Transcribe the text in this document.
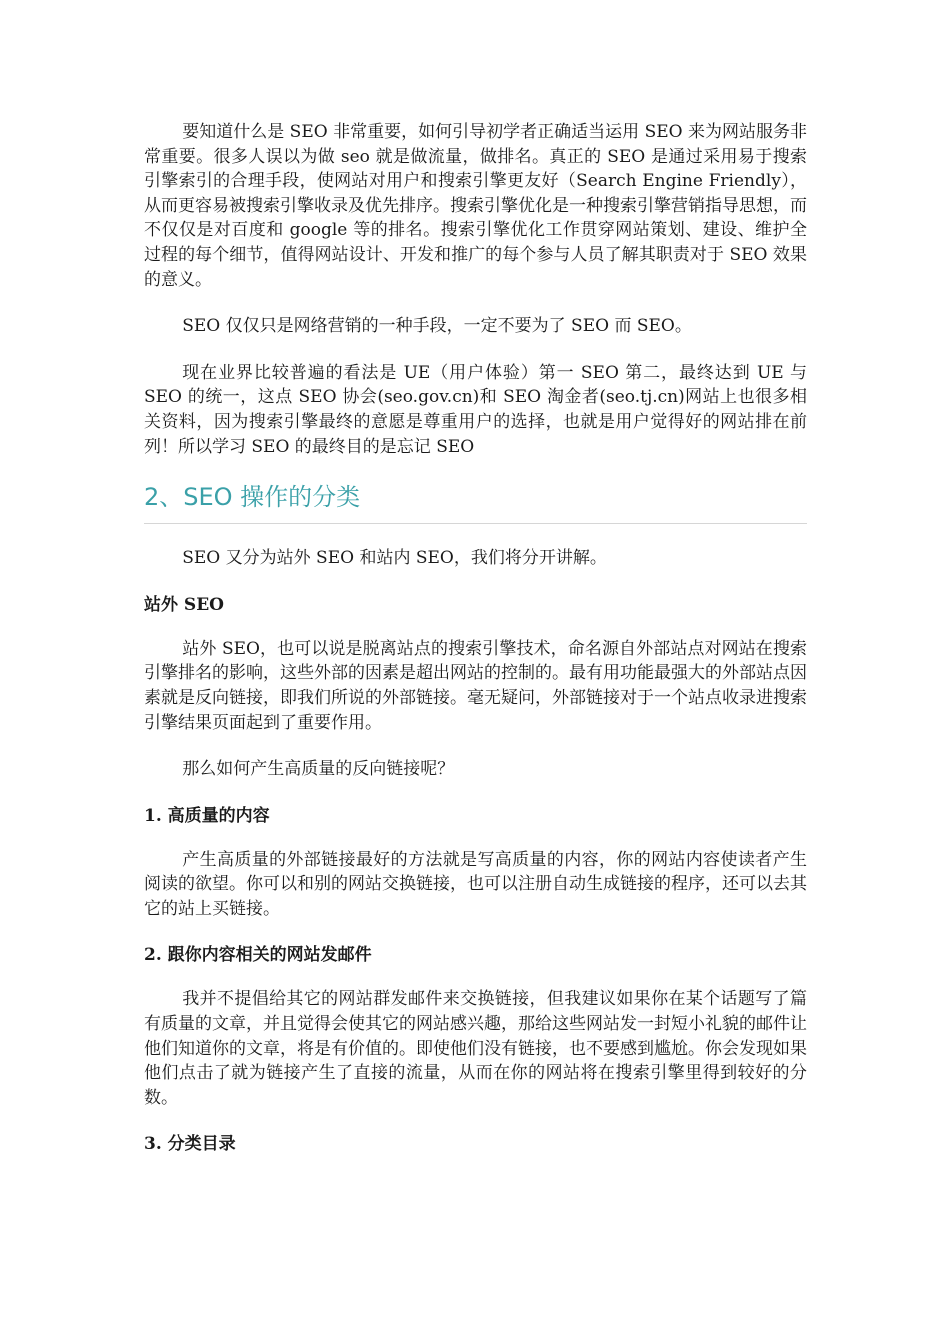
要知道什么是 SEO 非常重要，如何引导初学者正确适当运用 SEO 来为网站服务非常重要。很多人误以为做 seo 就是做流量，做排名。真正的 SEO 是通过采用易于搜索引擎索引的合理手段，使网站对用户和搜索引擎更友好（Search Engine Friendly），从而更容易被搜索引擎收录及优先排序。搜索引擎优化是一种搜索引擎营销指导思想，而不仅仅是对百度和 google 等的排名。搜索引擎优化工作贯穿网站策划、建设、维护全过程的每个细节，值得网站设计、开发和推广的每个参与人员了解其职责对于 SEO 效果的意义。

SEO 仅仅只是网络营销的一种手段，一定不要为了 SEO 而 SEO。

现在业界比较普遍的看法是 UE（用户体验）第一 SEO 第二，最终达到 UE 与 SEO 的统一，这点 SEO 协会(seo.gov.cn)和 SEO 淘金者(seo.tj.cn)网站上也很多相关资料，因为搜索引擎最终的意愿是尊重用户的选择，也就是用户觉得好的网站排在前列！所以学习 SEO 的最终目的是忘记 SEO

2、SEO 操作的分类

SEO 又分为站外 SEO 和站内 SEO，我们将分开讲解。

站外 SEO

站外 SEO，也可以说是脱离站点的搜索引擎技术，命名源自外部站点对网站在搜索引擎排名的影响，这些外部的因素是超出网站的控制的。最有用功能最强大的外部站点因素就是反向链接，即我们所说的外部链接。毫无疑问，外部链接对于一个站点收录进搜索引擎结果页面起到了重要作用。

那么如何产生高质量的反向链接呢？

1. 高质量的内容

产生高质量的外部链接最好的方法就是写高质量的内容，你的网站内容使读者产生阅读的欲望。你可以和别的网站交换链接，也可以注册自动生成链接的程序，还可以去其它的站上买链接。

2. 跟你内容相关的网站发邮件

我并不提倡给其它的网站群发邮件来交换链接，但我建议如果你在某个话题写了篇有质量的文章，并且觉得会使其它的网站感兴趣，那给这些网站发一封短小礼貌的邮件让他们知道你的文章，将是有价值的。即使他们没有链接，也不要感到尴尬。你会发现如果他们点击了就为链接产生了直接的流量，从而在你的网站将在搜索引擎里得到较好的分数。

3. 分类目录
